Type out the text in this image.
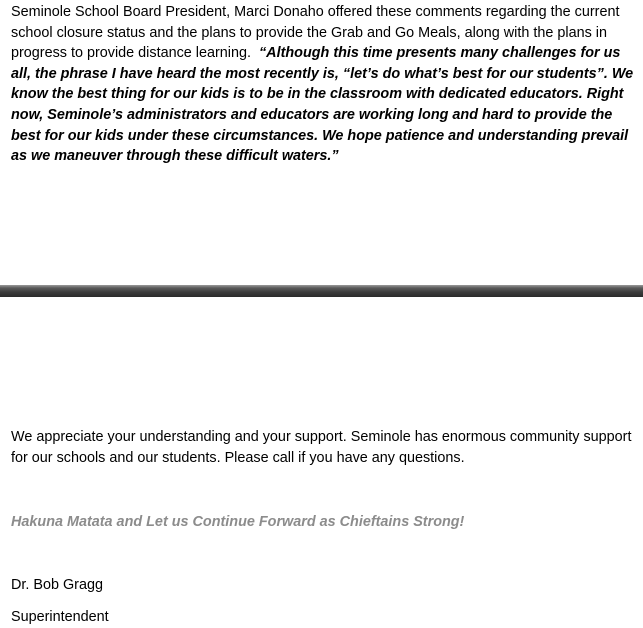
Seminole School Board President, Marci Donaho offered these comments regarding the current school closure status and the plans to provide the Grab and Go Meals, along with the plans in progress to provide distance learning. “Although this time presents many challenges for us all, the phrase I have heard the most recently is, “let’s do what’s best for our students”. We know the best thing for our kids is to be in the classroom with dedicated educators. Right now, Seminole’s administrators and educators are working long and hard to provide the best for our kids under these circumstances. We hope patience and understanding prevail as we maneuver through these difficult waters.”

We appreciate your understanding and your support. Seminole has enormous community support for our schools and our students. Please call if you have any questions.

Hakuna Matata and Let us Continue Forward as Chieftains Strong!
Dr. Bob Gragg
Superintendent
